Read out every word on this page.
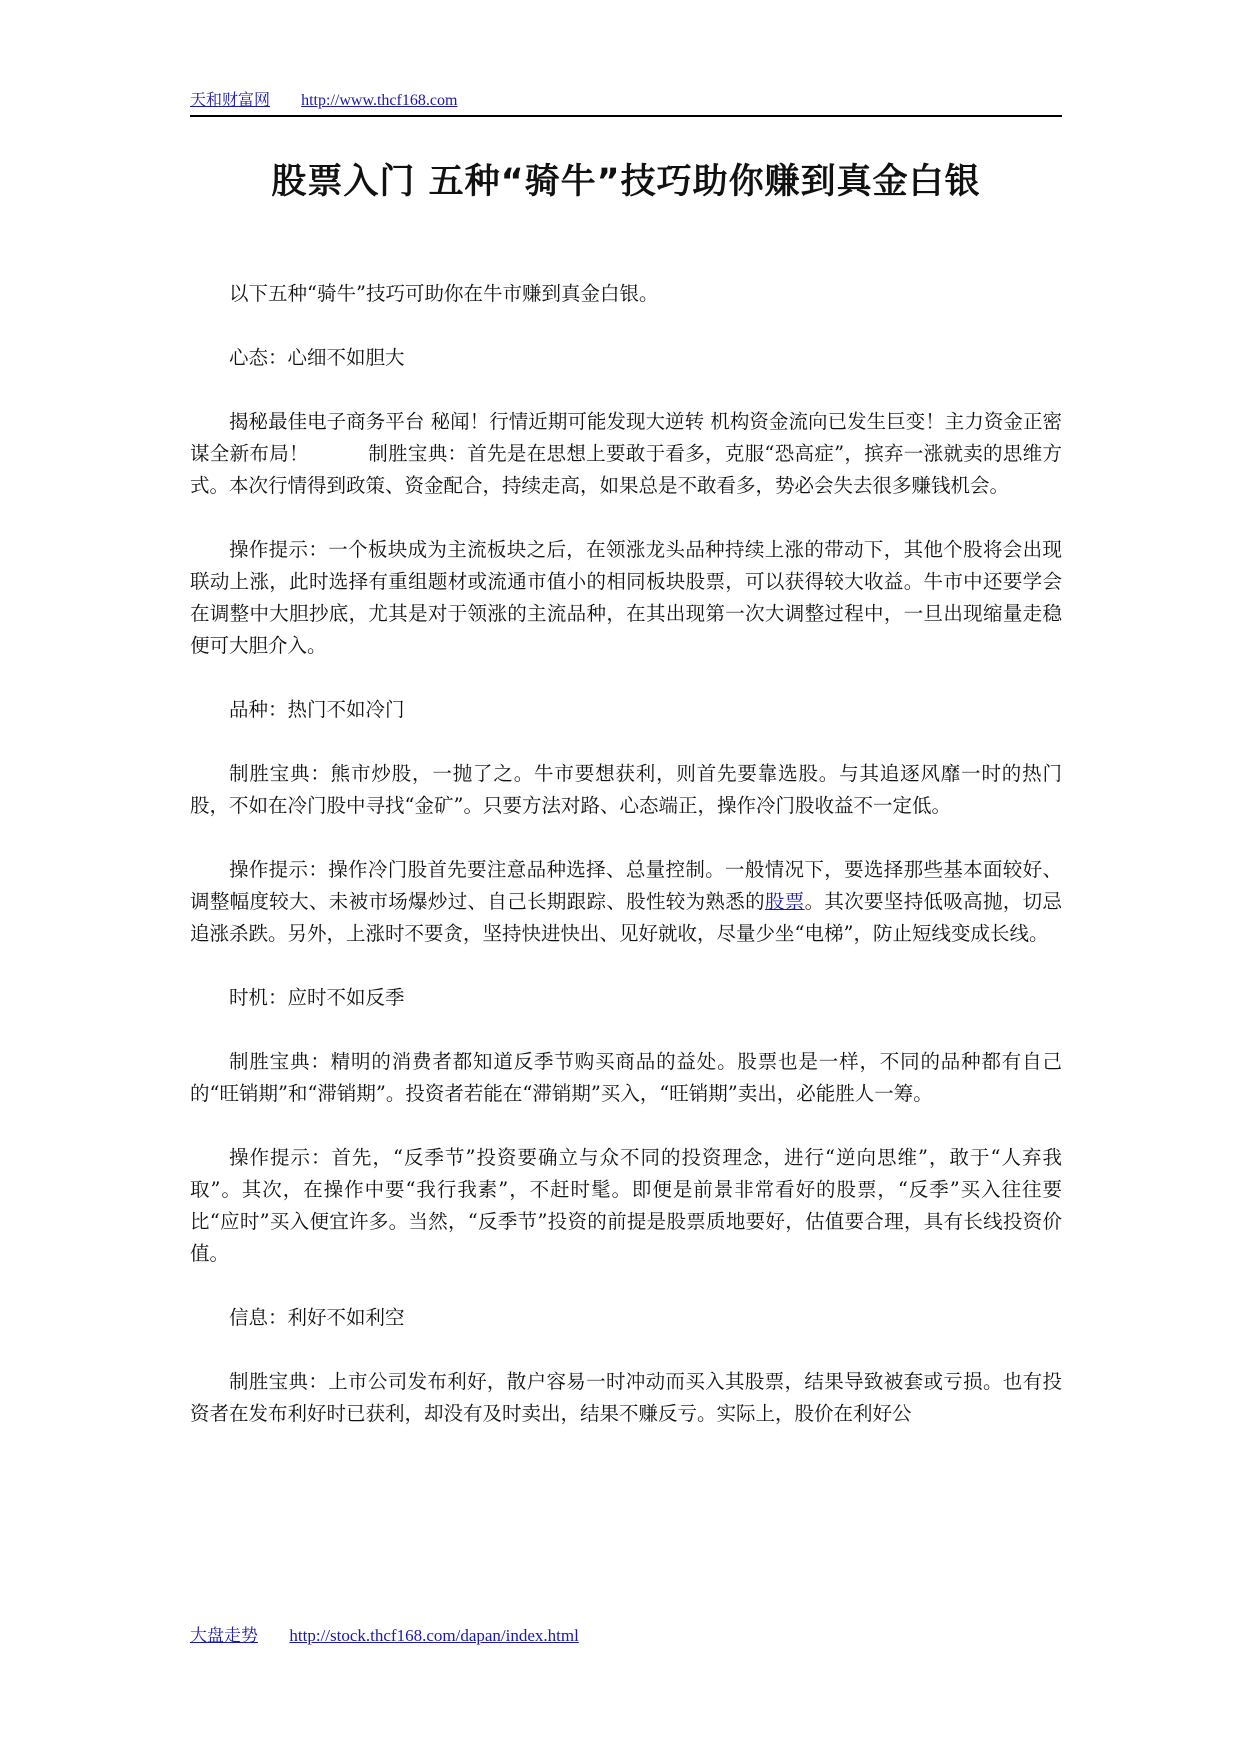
天和财富网 http://www.thcf168.com
股票入门 五种“骑牛”技巧助你赚到真金白银

以下五种“骑牛”技巧可助你在牛市赚到真金白银。

心态：心细不如胆大

揭秘最佳电子商务平台 秘闻！行情近期可能发现大逆转 机构资金流向已发生巨变！主力资金正密谋全新布局！　　　制胜宝典：首先是在思想上要敢于看多，克服“恐高症”，摈弃一涨就卖的思维方式。本次行情得到政策、资金配合，持续走高，如果总是不敢看多，势必会失去很多赚钱机会。

操作提示：一个板块成为主流板块之后，在领涨龙头品种持续上涨的带动下，其他个股将会出现联动上涨，此时选择有重组题材或流通市值小的相同板块股票，可以获得较大收益。牛市中还要学会在调整中大胆抄底，尤其是对于领涨的主流品种，在其出现第一次大调整过程中，一旦出现缩量走稳便可大胆介入。

品种：热门不如冷门

制胜宝典：熊市炒股，一抛了之。牛市要想获利，则首先要靠选股。与其追逐风靡一时的热门股，不如在冷门股中寻找“金矿”。只要方法对路、心态端正，操作冷门股收益不一定低。

操作提示：操作冷门股首先要注意品种选择、总量控制。一般情况下，要选择那些基本面较好、调整幅度较大、未被市场爆炒过、自己长期跟踪、股性较为熟悉的股票。其次要坚持低吸高抛，切忌追涨杀跌。另外，上涨时不要贪，坚持快进快出、见好就收，尽量少坐“电梯”，防止短线变成长线。

时机：应时不如反季

制胜宝典：精明的消费者都知道反季节购买商品的益处。股票也是一样，不同的品种都有自己的“旺销期”和“滞销期”。投资者若能在“滞销期”买入，“旺销期”卖出，必能胜人一筹。

操作提示：首先，“反季节”投资要确立与众不同的投资理念，进行“逆向思维”，敢于“人弃我取”。其次，在操作中要“我行我素”，不赶时髦。即便是前景非常看好的股票，“反季”买入往往要比“应时”买入便宜许多。当然，“反季节”投资的前提是股票质地要好，估值要合理，具有长线投资价值。

信息：利好不如利空

制胜宝典：上市公司发布利好，散户容易一时冲动而买入其股票，结果导致被套或亏损。也有投资者在发布利好时已获利，却没有及时卖出，结果不赚反亏。实际上，股价在利好公

大盘走势 http://stock.thcf168.com/dapan/index.html
